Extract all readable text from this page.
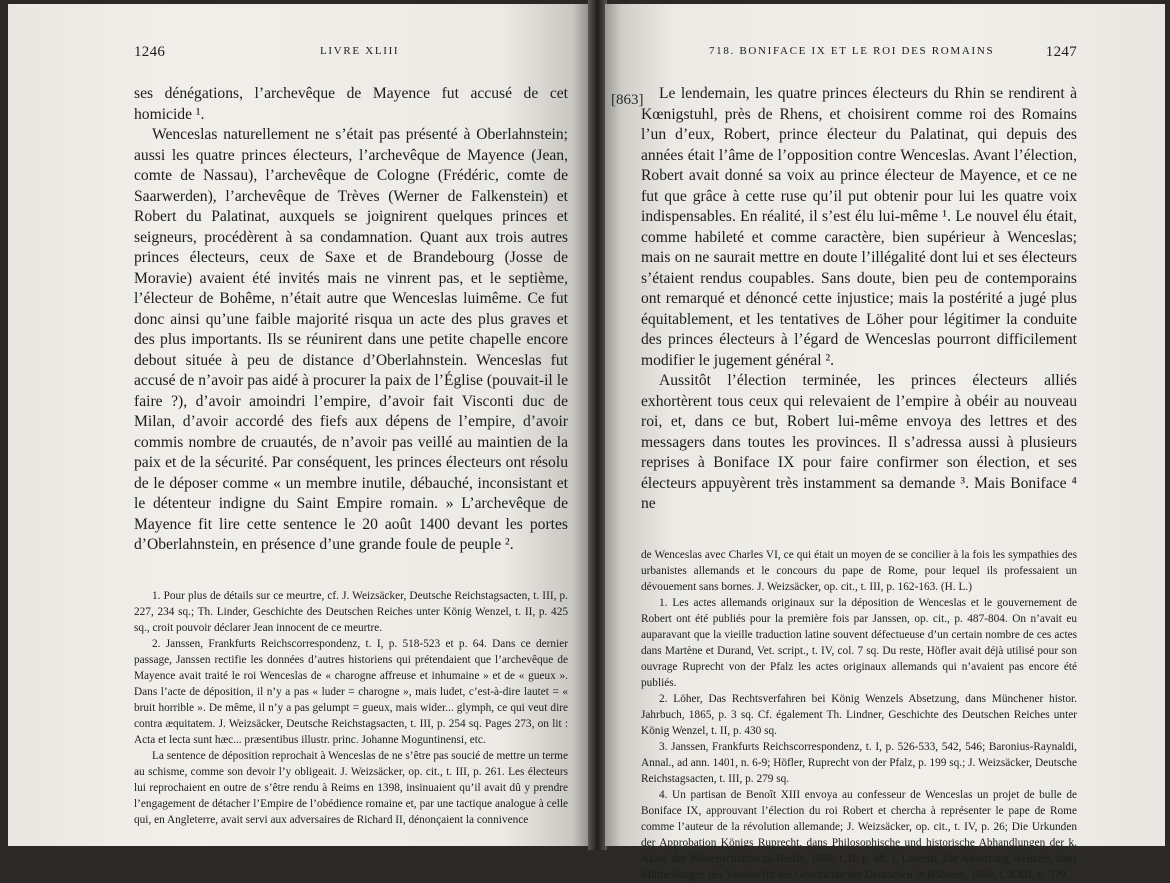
1246	LIVRE XLIII

ses dénégations, l’archevêque de Mayence fut accusé de cet homicide ¹.

Wenceslas naturellement ne s’était pas présenté à Oberlahnstein; aussi les quatre princes électeurs, l’archevêque de Mayence (Jean, comte de Nassau), l’archevêque de Cologne (Frédéric, comte de Saarwerden), l’archevêque de Trèves (Werner de Falkenstein) et Robert du Palatinat, auxquels se joignirent quelques princes et seigneurs, procédèrent à sa condamnation. Quant aux trois autres princes électeurs, ceux de Saxe et de Brandebourg (Josse de Moravie) avaient été invités mais ne vinrent pas, et le septième, l’électeur de Bohême, n’était autre que Wenceslas luimême. Ce fut donc ainsi qu’une faible majorité risqua un acte des plus graves et des plus importants. Ils se réunirent dans une petite chapelle encore debout située à peu de distance d’Oberlahnstein. Wenceslas fut accusé de n’avoir pas aidé à procurer la paix de l’Église (pouvait-il le faire ?), d’avoir amoindri l’empire, d’avoir fait Visconti duc de Milan, d’avoir accordé des fiefs aux dépens de l’empire, d’avoir commis nombre de cruautés, de n’avoir pas veillé au maintien de la paix et de la sécurité. Par conséquent, les princes électeurs ont résolu de le déposer comme « un membre inutile, débauché, inconsistant et le détenteur indigne du Saint Empire romain. » L’archevêque de Mayence fit lire cette sentence le 20 août 1400 devant les portes d’Oberlahnstein, en présence d’une grande foule de peuple ².

1. Pour plus de détails sur ce meurtre, cf. J. Weizsäcker, Deutsche Reichstagsacten, t. III, p. 227, 234 sq.; Th. Linder, Geschichte des Deutschen Reiches unter König Wenzel, t. II, p. 425 sq., croit pouvoir déclarer Jean innocent de ce meurtre.

2. Janssen, Frankfurts Reichscorrespondenz, t. I, p. 518-523 et p. 64. Dans ce dernier passage, Janssen rectifie les données d’autres historiens qui prétendaient que l’archevêque de Mayence avait traité le roi Wenceslas de « charogne affreuse et inhumaine » et de « gueux ». Dans l’acte de déposition, il n’y a pas « luder = charogne », mais ludet, c’est-à-dire lautet = « bruit horrible ». De même, il n’y a pas gelumpt = gueux, mais wider... glymph, ce qui veut dire contra æquitatem. J. Weizsäcker, Deutsche Reichstagsacten, t. III, p. 254 sq. Pages 273, on lit : Acta et lecta sunt hæc... præsentibus illustr. princ. Johanne Moguntinensi, etc.

La sentence de déposition reprochait à Wenceslas de ne s’être pas soucié de mettre un terme au schisme, comme son devoir l’y obligeait. J. Weizsäcker, op. cit., t. III, p. 261. Les électeurs lui reprochaient en outre de s’être rendu à Reims en 1398, insinuaient qu’il avait dû y prendre l’engagement de détacher l’Empire de l’obédience romaine et, par une tactique analogue à celle qui, en Angleterre, avait servi aux adversaires de Richard II, dénonçaient la connivence

[863]
718. BONIFACE IX ET LE ROI DES ROMAINS	1247

Le lendemain, les quatre princes électeurs du Rhin se rendirent à Kœnigstuhl, près de Rhens, et choisirent comme roi des Romains l’un d’eux, Robert, prince électeur du Palatinat, qui depuis des années était l’âme de l’opposition contre Wenceslas. Avant l’élection, Robert avait donné sa voix au prince électeur de Mayence, et ce ne fut que grâce à cette ruse qu’il put obtenir pour lui les quatre voix indispensables. En réalité, il s’est élu lui-même ¹. Le nouvel élu était, comme habileté et comme caractère, bien supérieur à Wenceslas; mais on ne saurait mettre en doute l’illégalité dont lui et ses électeurs s’étaient rendus coupables. Sans doute, bien peu de contemporains ont remarqué et dénoncé cette injustice; mais la postérité a jugé plus équitablement, et les tentatives de Löher pour légitimer la conduite des princes électeurs à l’égard de Wenceslas pourront difficilement modifier le jugement général ².

Aussitôt l’élection terminée, les princes électeurs alliés exhortèrent tous ceux qui relevaient de l’empire à obéir au nouveau roi, et, dans ce but, Robert lui-même envoya des lettres et des messagers dans toutes les provinces. Il s’adressa aussi à plusieurs reprises à Boniface IX pour faire confirmer son élection, et ses électeurs appuyèrent très instamment sa demande ³. Mais Boniface ⁴ ne

de Wenceslas avec Charles VI, ce qui était un moyen de se concilier à la fois les sympathies des urbanistes allemands et le concours du pape de Rome, pour lequel ils professaient un dévouement sans bornes. J. Weizsäcker, op. cit., t. III, p. 162-163. (H. L.)

1. Les actes allemands originaux sur la déposition de Wenceslas et le gouvernement de Robert ont été publiés pour la première fois par Janssen, op. cit., p. 487-804. On n’avait eu auparavant que la vieille traduction latine souvent défectueuse d’un certain nombre de ces actes dans Martène et Durand, Vet. script., t. IV, col. 7 sq. Du reste, Höfler avait déjà utilisé pour son ouvrage Ruprecht von der Pfalz les actes originaux allemands qui n’avaient pas encore été publiés.

2. Löher, Das Rechtsverfahren bei König Wenzels Absetzung, dans Münchener histor. Jahrbuch, 1865, p. 3 sq. Cf. également Th. Lindner, Geschichte des Deutschen Reiches unter König Wenzel, t. II, p. 430 sq.

3. Janssen, Frankfurts Reichscorrespondenz, t. I, p. 526-533, 542, 546; Baronius-Raynaldi, Annal., ad ann. 1401, n. 6-9; Höfler, Ruprecht von der Pfalz, p. 199 sq.; J. Weizsäcker, Deutsche Reichstagsacten, t. III, p. 279 sq.

4. Un partisan de Benoît XIII envoya au confesseur de Wenceslas un projet de bulle de Boniface IX, approuvant l’élection du roi Robert et chercha à représenter le pape de Rome comme l’auteur de la révolution allemande; J. Weizsäcker, op. cit., t. IV, p. 26; Die Urkunden der Approbation Königs Ruprecht, dans Philosophische und historische Abhandlungen der k. Akad. der Wissenschaften zu Berlin, 1888, t. II, p. 48; J. Loserth, Zur Absetzung Wenzels, dans Mittheilungen des Vereins für die Geschichte der Deutschen in Böhmen, 1884, t. XXII, p. 379.
